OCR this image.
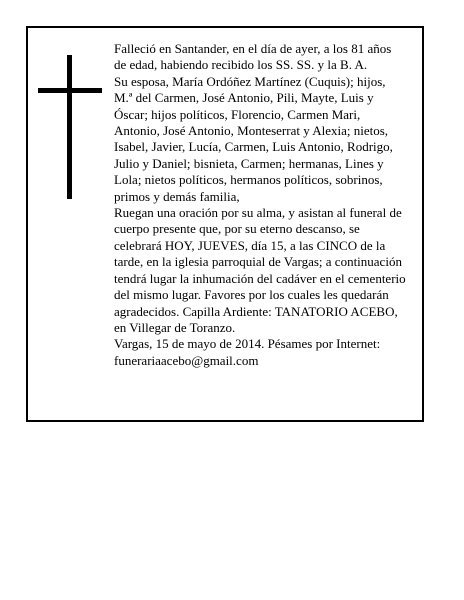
Falleció en Santander, en el día de ayer, a los 81 años
de edad, habiendo recibido los SS. SS. y la B. A.

Su esposa, María Ordóñez Martínez (Cuquis); hijos,
M.ª del Carmen, José Antonio, Pili, Mayte, Luis y
Óscar; hijos políticos, Florencio, Carmen Mari,
Antonio, José Antonio, Monteserrat y Alexia; nietos,
Isabel, Javier, Lucía, Carmen, Luis Antonio, Rodrigo,
Julio y Daniel; bisnieta, Carmen; hermanas, Lines y
Lola; nietos políticos, hermanos políticos, sobrinos,
primos y demás familia,

Ruegan una oración por su alma, y asistan al funeral de
cuerpo presente que, por su eterno descanso, se
celebrará HOY, JUEVES, día 15, a las CINCO de la
tarde, en la iglesia parroquial de Vargas; a continuación
tendrá lugar la inhumación del cadáver en el cementerio
del mismo lugar. Favores por los cuales les quedarán
agradecidos. Capilla Ardiente: TANATORIO ACEBO,
en Villegar de Toranzo.

Vargas, 15 de mayo de 2014. Pésames por Internet:
funerariaacebo@gmail.com
